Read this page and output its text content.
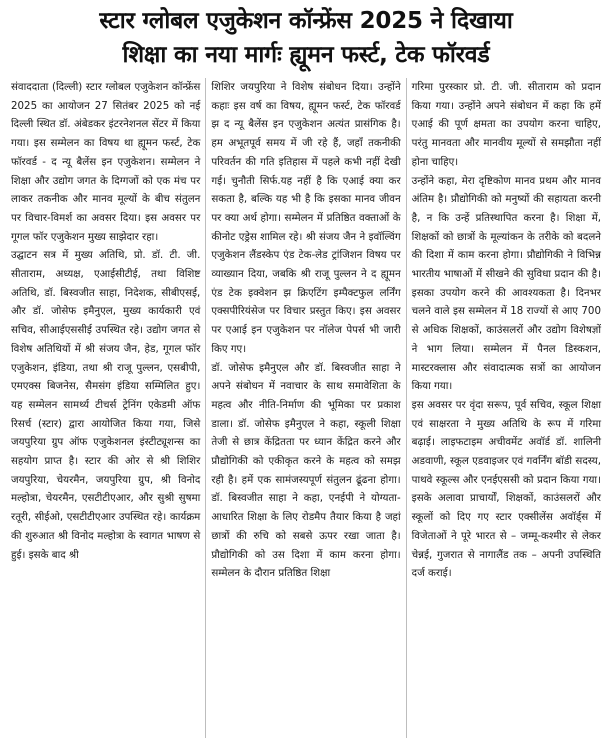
स्टार ग्लोबल एजुकेशन कॉन्फ्रेंस 2025 ने दिखाया
शिक्षा का नया मार्गः ह्यूमन फर्स्ट, टेक फॉरवर्ड

संवाददाता (दिल्ली) स्टार ग्लोबल एजुकेशन कॉन्फ्रेंस 2025 का आयोजन 27 सितंबर 2025 को नई दिल्ली स्थित डॉ. अंबेडकर इंटरनेशनल सेंटर में किया गया। इस सम्मेलन का विषय था ह्यूमन फर्स्ट, टेक फॉरवर्ड - द न्यू बैलेंस इन एजुकेशन। सम्मेलन ने शिक्षा और उद्योग जगत के दिग्गजों को एक मंच पर लाकर तकनीक और मानव मूल्यों के बीच संतुलन पर विचार-विमर्श का अवसर दिया। इस अवसर पर गूगल फॉर एजुकेशन मुख्य साझेदार रहा।

उद्घाटन सत्र में मुख्य अतिथि, प्रो. डॉ. टी. जी. सीताराम, अध्यक्ष, एआईसीटीई, तथा विशिष्ट अतिथि, डॉ. बिस्वजीत साहा, निदेशक, सीबीएसई, और डॉ. जोसेफ इमैनुएल, मुख्य कार्यकारी एवं सचिव, सीआईएससीई उपस्थित रहे। उद्योग जगत से विशेष अतिथियों में श्री संजय जैन, हेड, गूगल फॉर एजुकेशन, इंडिया, तथा श्री राजू पुल्लन, एसबीपी, एमएक्स बिजनेस, सैमसंग इंडिया सम्मिलित हुए। यह सम्मेलन सामर्थ्य टीचर्स ट्रेनिंग एकेडमी ऑफ रिसर्च (स्टार) द्वारा आयोजित किया गया, जिसे जयपुरिया ग्रुप ऑफ एजुकेशनल इंस्टीट्यूशन्स का सहयोग प्राप्त है। स्टार की ओर से श्री शिशिर जयपुरिया, चेयरमैन, जयपुरिया ग्रुप, श्री विनोद मल्होत्रा, चेयरमैन, एसटीटीएआर, और सुश्री सुषमा रतूरी, सीईओ, एसटीटीएआर उपस्थित रहे। कार्यक्रम की शुरुआत श्री विनोद मल्होत्रा के स्वागत भाषण से हुई। इसके बाद श्री

शिशिर जयपुरिया ने विशेष संबोधन दिया। उन्होंने कहाः इस वर्ष का विषय, ह्यूमन फर्स्ट, टेक फॉरवर्ड झ द न्यू बैलेंस इन एजुकेशन अत्यंत प्रासंगिक है। हम अभूतपूर्व समय में जी रहे हैं, जहाँ तकनीकी परिवर्तन की गति इतिहास में पहले कभी नहीं देखी गई। चुनौती सिर्फ.यह नहीं है कि एआई क्या कर सकता है, बल्कि यह भी है कि इसका मानव जीवन पर क्या अर्थ होगा। सम्मेलन में प्रतिष्ठित वक्ताओं के कीनोट एड्रेस शामिल रहे। श्री संजय जैन ने इवॉल्विंग एजुकेशन लैंडस्केप एंड टेक-लेड ट्रांजिशन विषय पर व्याख्यान दिया, जबकि श्री राजू पुल्लन ने द ह्यूमन एंड टेक इक्वेशन झ क्रिएटिंग इम्पैक्टफुल लर्निंग एक्सपीरियंसेज पर विचार प्रस्तुत किए। इस अवसर पर एआई इन एजुकेशन पर नॉलेज पेपर्स भी जारी किए गए।

डॉ. जोसेफ इमैनुएल और डॉ. बिस्वजीत साहा ने अपने संबोधन में नवाचार के साथ समावेशिता के महत्व और नीति-निर्माण की भूमिका पर प्रकाश डाला। डॉ. जोसेफ इमैनुएल ने कहा, स्कूली शिक्षा तेजी से छात्र केंद्रितता पर ध्यान केंद्रित करने और प्रौद्योगिकी को एकीकृत करने के महत्व को समझ रही है। हमें एक सामंजस्यपूर्ण संतुलन ढूंढना होगा। डॉ. बिस्वजीत साहा ने कहा, एनईपी ने योग्यता-आधारित शिक्षा के लिए रोडमैप तैयार किया है जहां छात्रों की रुचि को सबसे ऊपर रखा जाता है। प्रौद्योगिकी को उस दिशा में काम करना होगा। सम्मेलन के दौरान प्रतिष्ठित शिक्षा

गरिमा पुरस्कार प्रो. टी. जी. सीताराम को प्रदान किया गया। उन्होंने अपने संबोधन में कहा कि हमें एआई की पूर्ण क्षमता का उपयोग करना चाहिए, परंतु मानवता और मानवीय मूल्यों से समझौता नहीं होना चाहिए।

उन्होंने कहा, मेरा दृष्टिकोण मानव प्रथम और मानव अंतिम है। प्रौद्योगिकी को मनुष्यों की सहायता करनी है, न कि उन्हें प्रतिस्थापित करना है। शिक्षा में, शिक्षकों को छात्रों के मूल्यांकन के तरीके को बदलने की दिशा में काम करना होगा। प्रौद्योगिकी ने विभिन्न भारतीय भाषाओं में सीखने की सुविधा प्रदान की है। इसका उपयोग करने की आवश्यकता है। दिनभर चलने वाले इस सम्मेलन में 18 राज्यों से आए 700 से अधिक शिक्षकों, काउंसलरों और उद्योग विशेषज्ञों ने भाग लिया। सम्मेलन में पैनल डिस्कशन, मास्टरक्लास और संवादात्मक सत्रों का आयोजन किया गया।

इस अवसर पर वृंदा सरूप, पूर्व सचिव, स्कूल शिक्षा एवं साक्षरता ने मुख्य अतिथि के रूप में गरिमा बढ़ाई। लाइफटाइम अचीवमेंट अवॉर्ड डॉ. शालिनी अडवाणी, स्कूल एडवाइजर एवं गवर्निंग बॉडी सदस्य, पाथवे स्कूल्स और एनईएससी को प्रदान किया गया। इसके अलावा प्राचार्यों, शिक्षकों, काउंसलरों और स्कूलों को दिए गए स्टार एक्सीलेंस अवॉर्ड्स में विजेताओं ने पूरे भारत से – जम्मू-कश्मीर से लेकर चेन्नई, गुजरात से नागालैंड तक – अपनी उपस्थिति दर्ज कराई।
